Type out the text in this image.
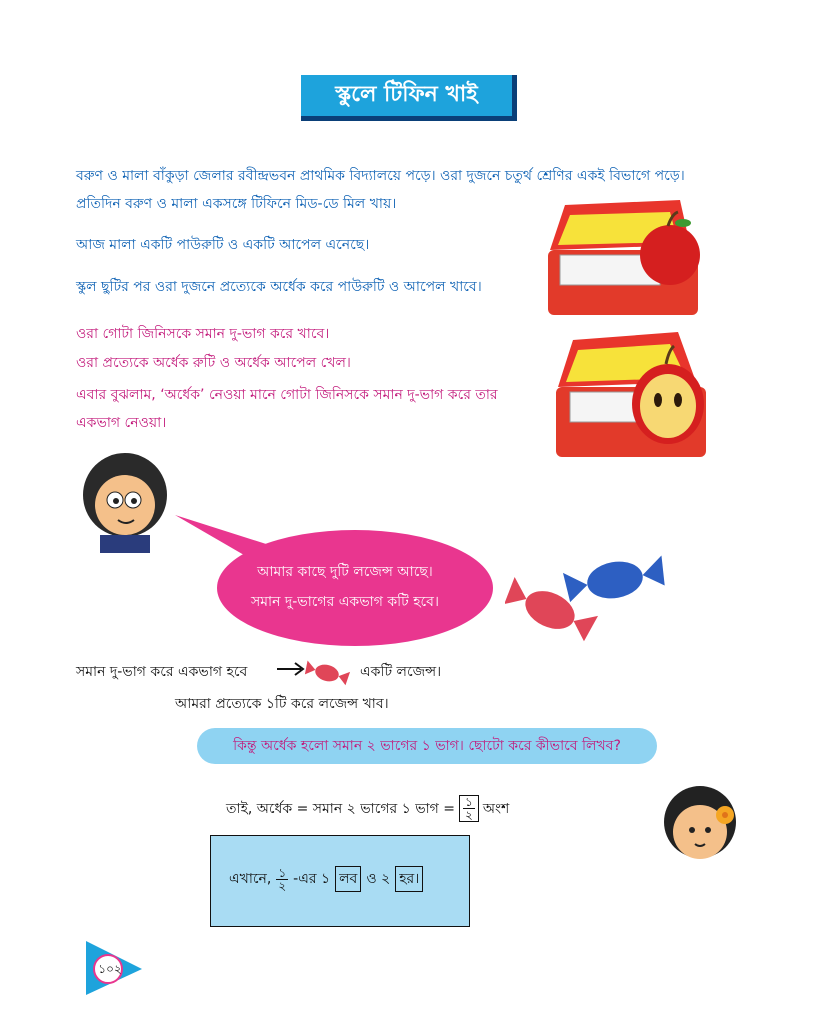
স্কুলে টিফিন খাই
বরুণ ও মালা বাঁকুড়া জেলার রবীন্দ্রভবন প্রাথমিক বিদ্যালয়ে পড়ে। ওরা দুজনে চতুর্থ শ্রেণির একই বিভাগে পড়ে।
প্রতিদিন বরুণ ও মালা একসঙ্গে টিফিনে মিড-ডে মিল খায়।
আজ মালা একটি পাউরুটি ও একটি আপেল এনেছে।
স্কুল ছুটির পর ওরা দুজনে প্রত্যেকে অর্ধেক করে পাউরুটি ও আপেল খাবে।
ওরা গোটা জিনিসকে সমান দু-ভাগ করে খাবে।
ওরা প্রত্যেকে অর্ধেক রুটি ও অর্ধেক আপেল খেল।
এবার বুঝলাম, ‘অর্ধেক’ নেওয়া মানে গোটা জিনিসকে সমান দু-ভাগ করে তার
একভাগ নেওয়া।
আমার কাছে দুটি লজেন্স আছে।
সমান দু-ভাগের একভাগ কটি হবে।
সমান দু-ভাগ করে একভাগ হবে	একটি লজেন্স।
আমরা প্রত্যেকে ১টি করে লজেন্স খাব।
কিন্তু অর্ধেক হলো সমান ২ ভাগের ১ ভাগ। ছোটো করে কীভাবে লিখব?
তাই, অর্ধেক = সমান ২ ভাগের ১ ভাগ = $\frac{১}{২}$ অংশ
এখানে, $\frac{১}{২}$ -এর ১ লব ও ২ হর।
১০২
